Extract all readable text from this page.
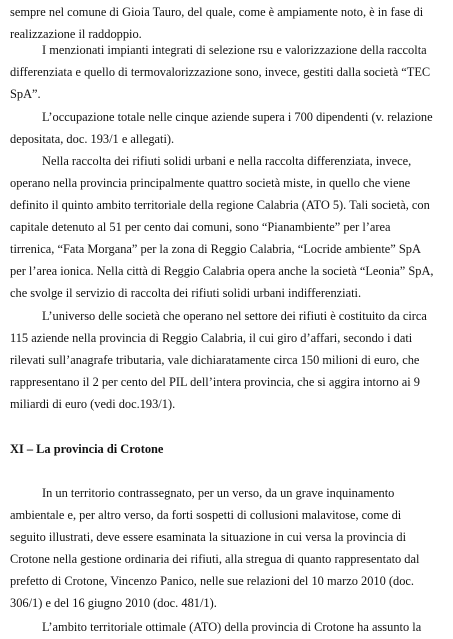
sempre nel comune di Gioia Tauro, del quale, come è ampiamente noto, è in fase di
realizzazione il raddoppio.
I menzionati impianti integrati di selezione rsu e valorizzazione della raccolta
differenziata e quello di termovalorizzazione sono, invece, gestiti dalla società “TEC
SpA”.
L’occupazione totale nelle cinque aziende supera i 700 dipendenti (v. relazione
depositata, doc. 193/1 e allegati).
Nella raccolta dei rifiuti solidi urbani e nella raccolta differenziata, invece,
operano nella provincia principalmente quattro società miste, in quello che viene
definito il quinto ambito territoriale della regione Calabria (ATO 5). Tali società, con
capitale detenuto al 51 per cento dai comuni, sono “Pianambiente” per l’area
tirrenica, “Fata Morgana” per la zona di Reggio Calabria, “Locride ambiente” SpA
per l’area ionica. Nella città di Reggio Calabria opera anche la società “Leonia” SpA,
che svolge il servizio di raccolta dei rifiuti solidi urbani indifferenziati.
L’universo delle società che operano nel settore dei rifiuti è costituito da circa
115 aziende nella provincia di Reggio Calabria, il cui giro d’affari, secondo i dati
rilevati sull’anagrafe tributaria, vale dichiaratamente circa 150 milioni di euro, che
rappresentano il 2 per cento del PIL dell’intera provincia, che si aggira intorno ai 9
miliardi di euro (vedi doc.193/1).
XI – La provincia di Crotone
In un territorio contrassegnato, per un verso, da un grave inquinamento
ambientale e, per altro verso, da forti sospetti di collusioni malavitose, come di
seguito illustrati, deve essere esaminata la situazione in cui versa la provincia di
Crotone nella gestione ordinaria dei rifiuti, alla stregua di quanto rappresentato dal
prefetto di Crotone, Vincenzo Panico, nelle sue relazioni del 10 marzo 2010 (doc.
306/1) e del 16 giugno 2010 (doc. 481/1).
L’ambito territoriale ottimale (ATO) della provincia di Crotone ha assunto la
